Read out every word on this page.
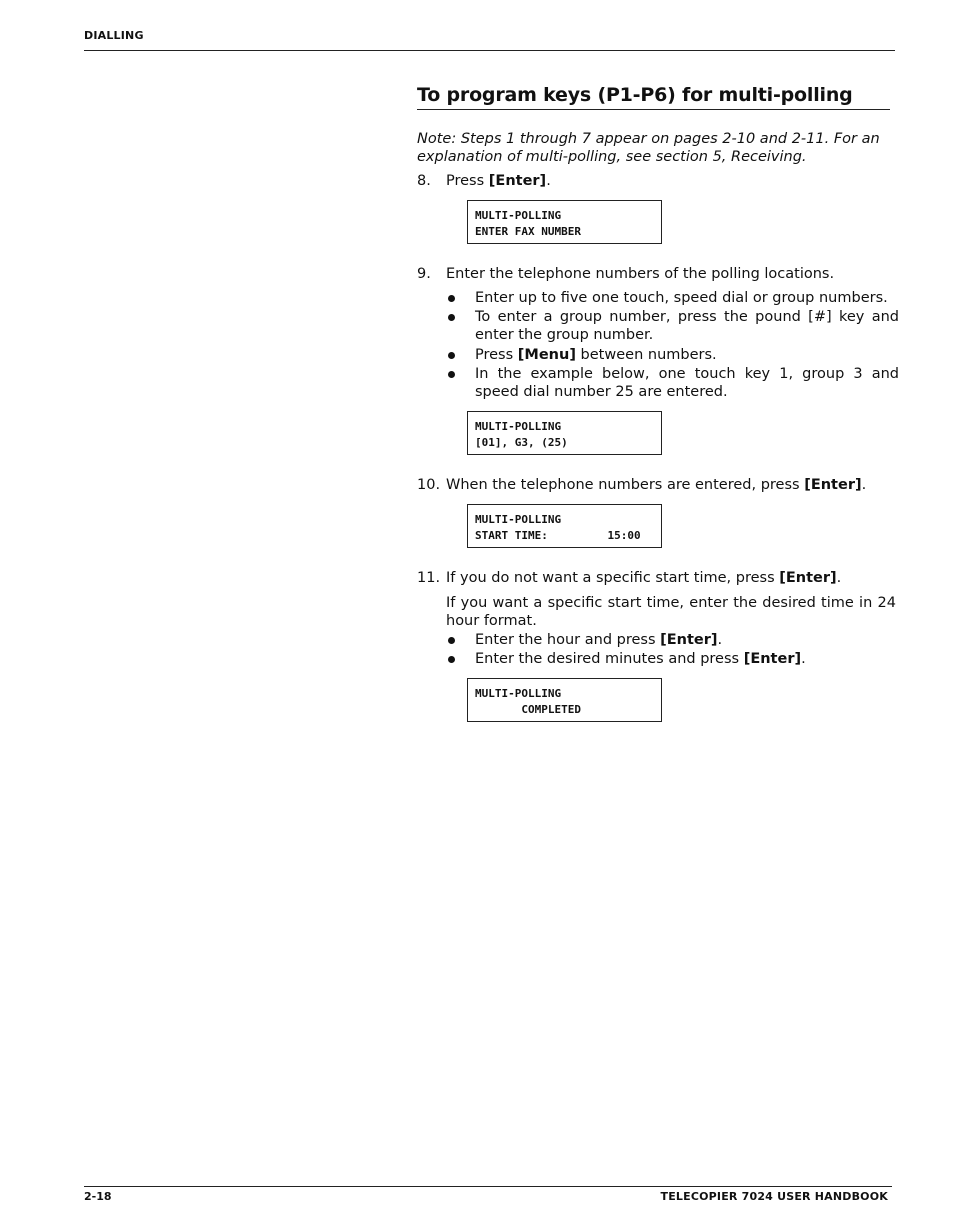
DIALLING
To program keys (P1-P6) for multi-polling
Note: Steps 1 through 7 appear on pages 2-10 and 2-11. For an explanation of multi-polling, see section 5, Receiving.
8. Press [Enter].
MULTI-POLLING
ENTER FAX NUMBER
9. Enter the telephone numbers of the polling locations.
Enter up to five one touch, speed dial or group numbers.
To enter a group number, press the pound [#] key and enter the group number.
Press [Menu] between numbers.
In the example below, one touch key 1, group 3 and speed dial number 25 are entered.
MULTI-POLLING
[01], G3, (25)
10. When the telephone numbers are entered, press [Enter].
MULTI-POLLING
START TIME:         15:00
11. If you do not want a specific start time, press [Enter].
If you want a specific start time, enter the desired time in 24 hour format.
Enter the hour and press [Enter].
Enter the desired minutes and press [Enter].
MULTI-POLLING
COMPLETED
2-18	TELECOPIER 7024 USER HANDBOOK
